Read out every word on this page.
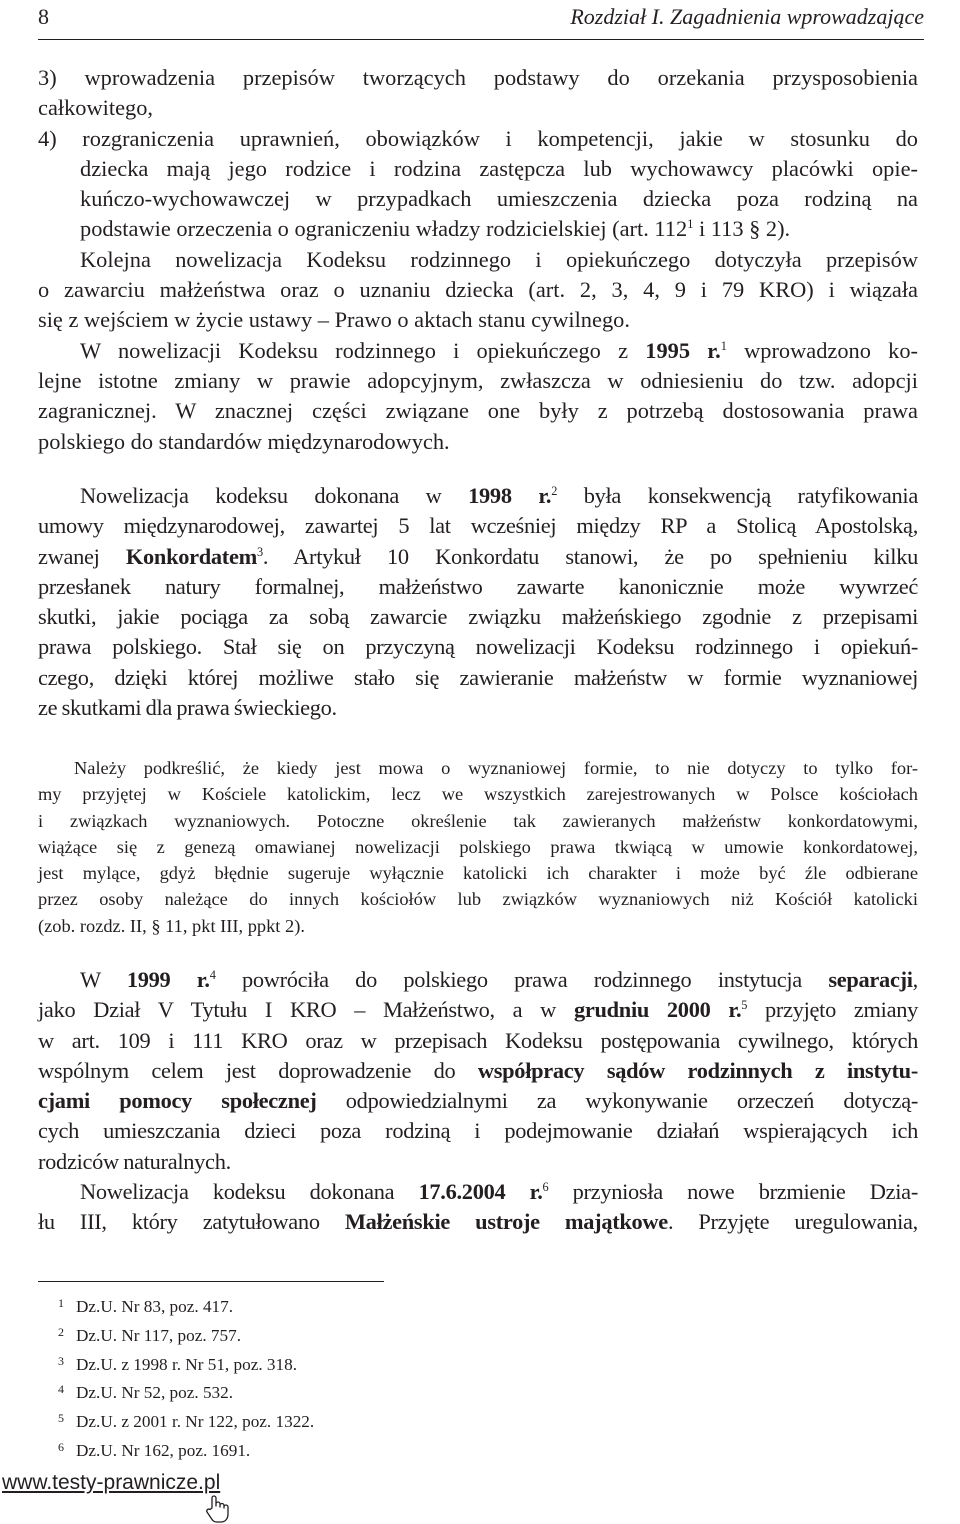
8	Rozdział I. Zagadnienia wprowadzające
3) wprowadzenia przepisów tworzących podstawy do orzekania przysposobienia
całkowitego,
4) rozgraniczenia uprawnień, obowiązków i kompetencji, jakie w stosunku do
dziecka mają jego rodzice i rodzina zastępcza lub wychowawcy placówki opie-
kuńczo-wychowawczej w przypadkach umieszczenia dziecka poza rodziną na
podstawie orzeczenia o ograniczeniu władzy rodzicielskiej (art. $112^1$ i 113 § 2).
Kolejna nowelizacja Kodeksu rodzinnego i opiekuńczego dotyczyła przepisów
o zawarciu małżeństwa oraz o uznaniu dziecka (art. 2, 3, 4, 9 i 79 KRO) i wiązała
się z wejściem w życie ustawy – Prawo o aktach stanu cywilnego.
W nowelizacji Kodeksu rodzinnego i opiekuńczego z 1995 r.$^1$ wprowadzono ko-
lejne istotne zmiany w prawie adopcyjnym, zwłaszcza w odniesieniu do tzw. adopcji
zagranicznej. W znacznej części związane one były z potrzebą dostosowania prawa
polskiego do standardów międzynarodowych.
Nowelizacja kodeksu dokonana w 1998 r.$^2$ była konsekwencją ratyfikowania
umowy międzynarodowej, zawartej 5 lat wcześniej między RP a Stolicą Apostolską,
zwanej Konkordatem$^3$. Artykuł 10 Konkordatu stanowi, że po spełnieniu kilku
przesłanek natury formalnej, małżeństwo zawarte kanonicznie może wywrzeć
skutki, jakie pociąga za sobą zawarcie związku małżeńskiego zgodnie z przepisami
prawa polskiego. Stał się on przyczyną nowelizacji Kodeksu rodzinnego i opiekuń-
czego, dzięki której możliwe stało się zawieranie małżeństw w formie wyznaniowej
ze skutkami dla prawa świeckiego.
Należy podkreślić, że kiedy jest mowa o wyznaniowej formie, to nie dotyczy to tylko for-
my przyjętej w Kościele katolickim, lecz we wszystkich zarejestrowanych w Polsce kościołach
i związkach wyznaniowych. Potoczne określenie tak zawieranych małżeństw konkordatowymi,
wiążące się z genezą omawianej nowelizacji polskiego prawa tkwiącą w umowie konkordatowej,
jest mylące, gdyż błędnie sugeruje wyłącznie katolicki ich charakter i może być źle odbierane
przez osoby należące do innych kościołów lub związków wyznaniowych niż Kościół katolicki
(zob. rozdz. II, § 11, pkt III, ppkt 2).
W 1999 r.$^4$ powróciła do polskiego prawa rodzinnego instytucja separacji,
jako Dział V Tytułu I KRO – Małżeństwo, a w grudniu 2000 r.$^5$ przyjęto zmiany
w art. 109 i 111 KRO oraz w przepisach Kodeksu postępowania cywilnego, których
wspólnym celem jest doprowadzenie do współpracy sądów rodzinnych z instytu-
cjami pomocy społecznej odpowiedzialnymi za wykonywanie orzeczeń dotyczą-
cych umieszczania dzieci poza rodziną i podejmowanie działań wspierających ich
rodziców naturalnych.
Nowelizacja kodeksu dokonana 17.6.2004 r.$^6$ przyniosła nowe brzmienie Dzia-
łu III, który zatytułowano Małżeńskie ustroje majątkowe. Przyjęte uregulowania,
1 Dz.U. Nr 83, poz. 417.
2 Dz.U. Nr 117, poz. 757.
3 Dz.U. z 1998 r. Nr 51, poz. 318.
4 Dz.U. Nr 52, poz. 532.
5 Dz.U. z 2001 r. Nr 122, poz. 1322.
6 Dz.U. Nr 162, poz. 1691.
www.testy-prawnicze.pl
